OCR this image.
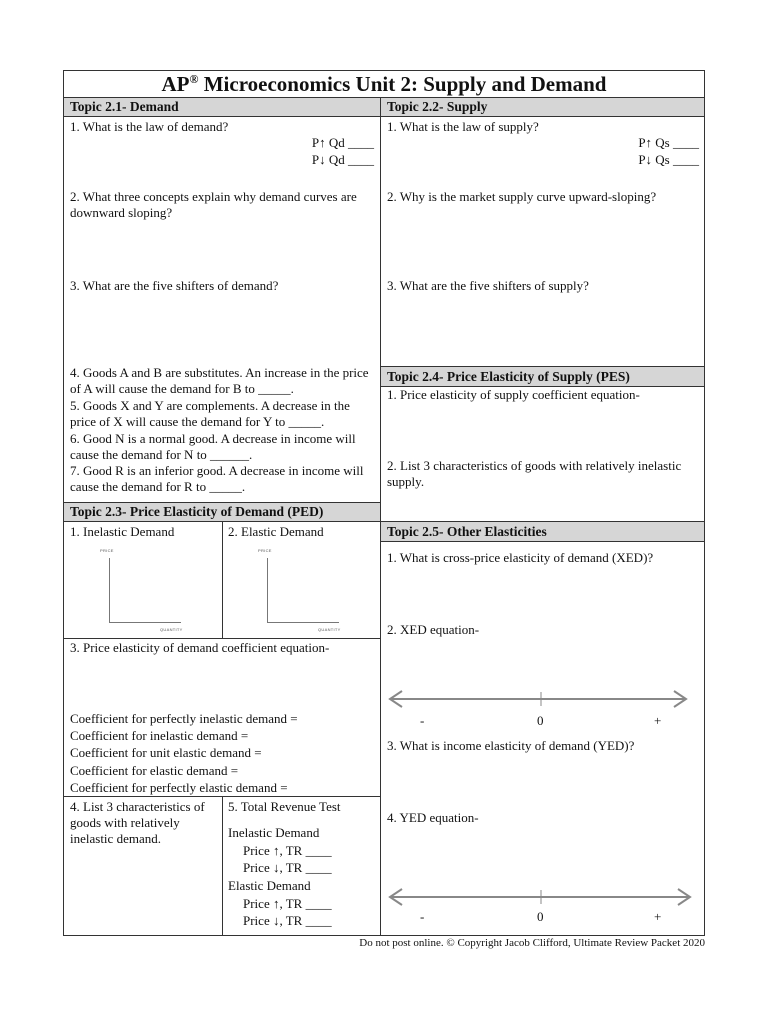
AP® Microeconomics Unit 2: Supply and Demand
Topic 2.1- Demand	Topic 2.2- Supply
Topic 2.4- Price Elasticity of Supply (PES)
Topic 2.3- Price Elasticity of Demand (PED)
Topic 2.5- Other Elasticities
1. What is the law of demand?
P↑ Qd ____
P↓ Qd ____
2. What three concepts explain why demand curves are downward sloping?
3. What are the five shifters of demand?
4. Goods A and B are substitutes. An increase in the price of A will cause the demand for B to _____.
5. Goods X and Y are complements. A decrease in the price of X will cause the demand for Y to _____.
6. Good N is a normal good. A decrease in income will cause the demand for N to ______.
7. Good R is an inferior good. A decrease in income will cause the demand for R to _____.
1. What is the law of supply?
P↑ Qs ____
P↓ Qs ____
2. Why is the market supply curve upward-sloping?
3. What are the five shifters of supply?
1. Price elasticity of supply coefficient equation-
2. List 3 characteristics of goods with relatively inelastic supply.
1. Inelastic Demand	2. Elastic Demand
PRICE
QUANTITY
PRICE
QUANTITY
3. Price elasticity of demand coefficient equation-
Coefficient for perfectly inelastic demand =
Coefficient for inelastic demand =
Coefficient for unit elastic demand =
Coefficient for elastic demand =
Coefficient for perfectly elastic demand =
4. List 3 characteristics of goods with relatively inelastic demand.
5. Total Revenue Test
Inelastic Demand
Price ↑, TR ____
Price ↓, TR ____
Elastic Demand
Price ↑, TR ____
Price ↓, TR ____
1. What is cross-price elasticity of demand (XED)?
2. XED equation-
-	0	+
3. What is income elasticity of demand (YED)?
4. YED equation-
-	0	+
Do not post online. © Copyright Jacob Clifford, Ultimate Review Packet 2020
